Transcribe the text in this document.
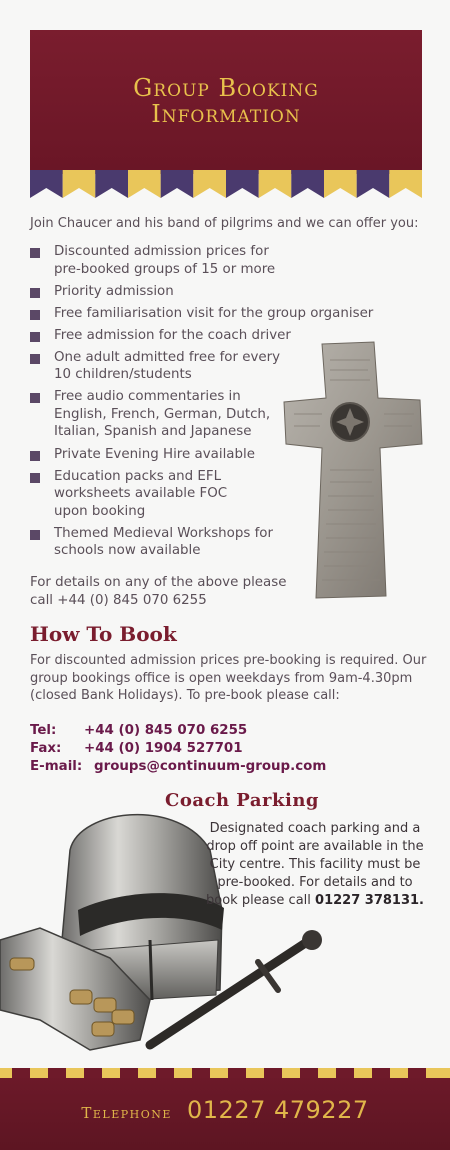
Group Booking
Information
Join Chaucer and his band of pilgrims and we can offer you:
Discounted admission prices for pre-booked groups of 15 or more
Priority admission
Free familiarisation visit for the group organiser
Free admission for the coach driver
One adult admitted free for every 10 children/students
Free audio commentaries in English, French, German, Dutch, Italian, Spanish and Japanese
Private Evening Hire available
Education packs and EFL worksheets available FOC upon booking
Themed Medieval Workshops for schools now available
For details on any of the above please call +44 (0) 845 070 6255
How To Book
For discounted admission prices pre-booking is required. Our group bookings office is open weekdays from 9am-4.30pm (closed Bank Holidays). To pre-book please call:
Tel: +44 (0) 845 070 6255
Fax: +44 (0) 1904 527701
E-mail: groups@continuum-group.com
Coach Parking
Designated coach parking and a drop off point are available in the City centre. This facility must be pre-booked. For details and to book please call 01227 378131.
Telephone 01227 479227
